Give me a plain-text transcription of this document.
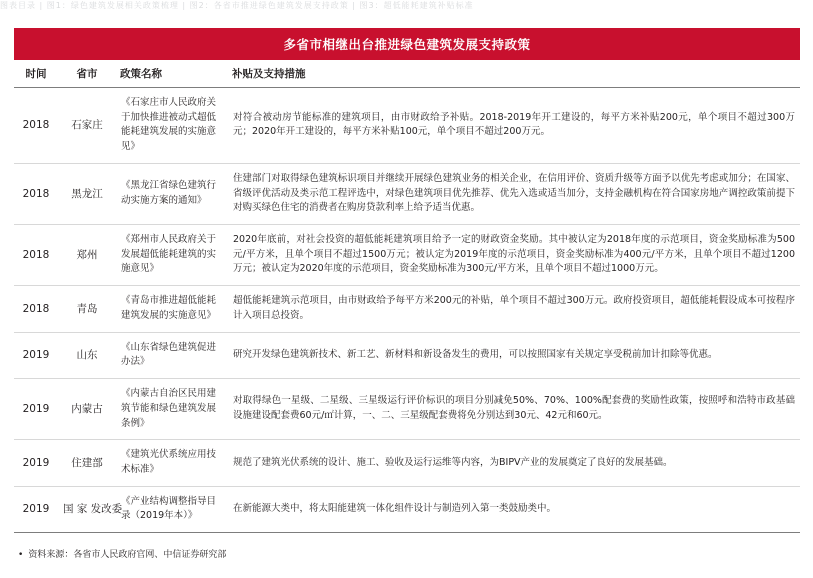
图表目录 | 图1：绿色建筑发展相关政策梳理 | 图2：各省市推进绿色建筑发展支持政策 | 图3：超低能耗建筑补贴标准
多省市相继出台推进绿色建筑发展支持政策
时间	省市	政策名称	补贴及支持措施
2018	石家庄	《石家庄市人民政府关于加快推进被动式超低能耗建筑发展的实施意见》	对符合被动房节能标准的建筑项目，由市财政给予补贴。2018-2019年开工建设的，每平方米补贴200元，单个项目不超过300万元；2020年开工建设的，每平方米补贴100元，单个项目不超过200万元。
2018	黑龙江	《黑龙江省绿色建筑行动实施方案的通知》	住建部门对取得绿色建筑标识项目并继续开展绿色建筑业务的相关企业，在信用评价、资质升级等方面予以优先考虑或加分；在国家、省级评优活动及类示范工程评选中，对绿色建筑项目优先推荐、优先入选或适当加分，支持金融机构在符合国家房地产调控政策前提下对购买绿色住宅的消费者在购房贷款利率上给予适当优惠。
2018	郑州	《郑州市人民政府关于发展超低能耗建筑的实施意见》	2020年底前，对社会投资的超低能耗建筑项目给予一定的财政资金奖励。其中被认定为2018年度的示范项目，资金奖励标准为500元/平方米，且单个项目不超过1500万元；被认定为2019年度的示范项目，资金奖励标准为400元/平方米，且单个项目不超过1200万元；被认定为2020年度的示范项目，资金奖励标准为300元/平方米，且单个项目不超过1000万元。
2018	青岛	《青岛市推进超低能耗建筑发展的实施意见》	超低能耗建筑示范项目，由市财政给予每平方米200元的补贴，单个项目不超过300万元。政府投资项目，超低能耗假设成本可按程序计入项目总投资。
2019	山东	《山东省绿色建筑促进办法》	研究开发绿色建筑新技术、新工艺、新材料和新设备发生的费用，可以按照国家有关规定享受税前加计扣除等优惠。
2019	内蒙古	《内蒙古自治区民用建筑节能和绿色建筑发展条例》	对取得绿色一星级、二星级、三星级运行评价标识的项目分别减免50%、70%、100%配套费的奖励性政策，按照呼和浩特市政基础设施建设配套费60元/㎡计算，一、二、三星级配套费将免分别达到30元、42元和60元。
2019	住建部	《建筑光伏系统应用技术标准》	规范了建筑光伏系统的设计、施工、验收及运行运维等内容，为BIPV产业的发展奠定了良好的发展基础。
2019	国 家 发改委	《产业结构调整指导目录（2019年本）》	在新能源大类中，将太阳能建筑一体化组件设计与制造列入第一类鼓励类中。
• 资料来源：各省市人民政府官网、中信证券研究部
